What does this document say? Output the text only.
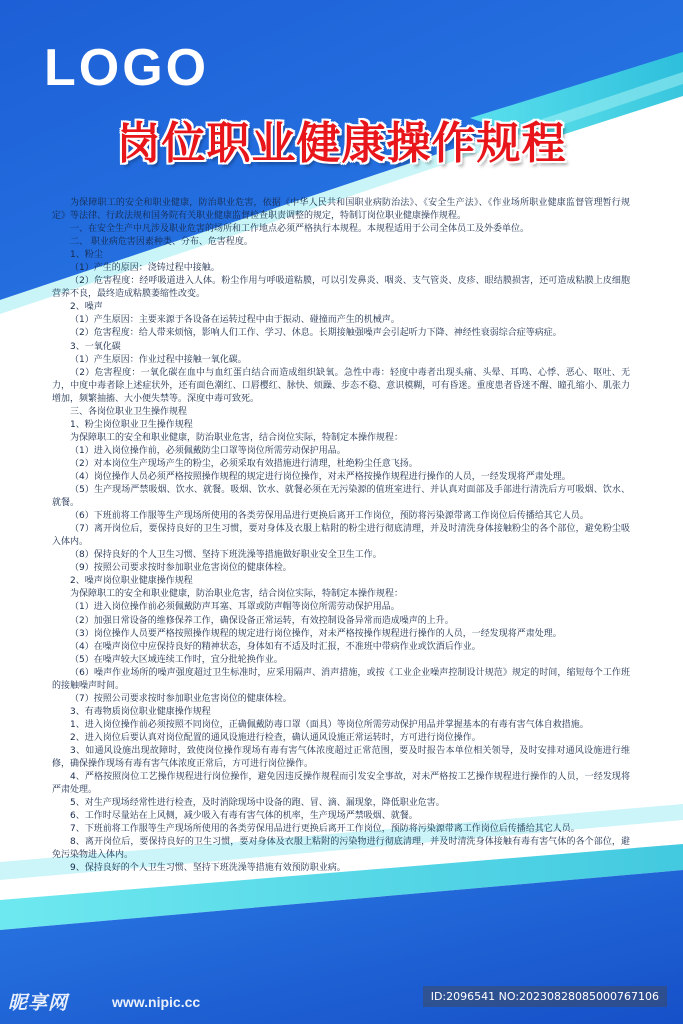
LOGO
岗位职业健康操作规程

为保障职工的安全和职业健康，防治职业危害，依据《中华人民共和国职业病防治法》、《安全生产法》、《作业场所职业健康监督管理暂行规定》等法律、行政法规和国务院有关职业健康监督检查职责调整的规定，特制订岗位职业健康操作规程。

一、在安全生产中凡涉及职业危害的场所和工作地点必须严格执行本规程。本规程适用于公司全体员工及外委单位。

二、 职业病危害因素种类、分布、危害程度。

1、粉尘

（1）产生的原因：浇铸过程中接触。

（2）危害程度：经呼吸道进入人体。粉尘作用与呼吸道粘膜，可以引发鼻炎、咽炎、支气管炎、皮疹、眼结膜损害，还可造成粘膜上皮细胞营养不良，最终造成粘膜萎缩性改变。

2、噪声

（1）产生原因：主要来源于各设备在运转过程中由于振动、碰撞而产生的机械声。

（2）危害程度：给人带来烦恼，影响人们工作、学习、休息。长期接触强噪声会引起听力下降、神经性衰弱综合症等病症。

3、一氧化碳

（1）产生原因：作业过程中接触一氧化碳。

（2）危害程度：一氧化碳在血中与血红蛋白结合而造成组织缺氧。急性中毒：轻度中毒者出现头痛、头晕、耳鸣、心悸、恶心、呕吐、无力，中度中毒者除上述症状外，还有面色潮红、口唇樱红、脉快、烦躁、步态不稳、意识模糊，可有昏迷。重度患者昏迷不醒、瞳孔缩小、肌张力增加，频繁抽搐、大小便失禁等。深度中毒可致死。

三、各岗位职业卫生操作规程

1、粉尘岗位职业卫生操作规程

为保障职工的安全和职业健康，防治职业危害，结合岗位实际，特制定本操作规程：

（1）进入岗位操作前，必须佩戴防尘口罩等岗位所需劳动保护用品。

（2）对本岗位生产现场产生的粉尘，必须采取有效措施进行清理，杜绝粉尘任意飞扬。

（4）岗位操作人员必须严格按照操作规程的规定进行岗位操作，对未严格按操作规程进行操作的人员，一经发现将严肃处理。

（5）生产现场严禁吸烟、饮水、就餐。吸烟、饮水、就餐必须在无污染源的值班室进行、并认真对面部及手部进行清洗后方可吸烟、饮水、就餐。

（6）下班前将工作服等生产现场所使用的各类劳保用品进行更换后离开工作岗位，预防将污染源带离工作岗位后传播给其它人员。

（7）离开岗位后，要保持良好的卫生习惯，要对身体及衣服上粘附的粉尘进行彻底清理，并及时清洗身体接触粉尘的各个部位，避免粉尘吸入体内。

（8）保持良好的个人卫生习惯、坚持下班洗澡等措施做好职业安全卫生工作。

（9）按照公司要求按时参加职业危害岗位的健康体检。

2、噪声岗位职业健康操作规程

为保障职工的安全和职业健康，防治职业危害，结合岗位实际，特制定本操作规程：

（1）进入岗位操作前必须佩戴防声耳塞、耳罩或防声帽等岗位所需劳动保护用品。

（2）加强日常设备的维修保养工作，确保设备正常运转，有效控制设备异常而造成噪声的上升。

（3）岗位操作人员要严格按照操作规程的规定进行岗位操作，对未严格按操作规程进行操作的人员，一经发现将严肃处理。

（4）在噪声岗位中应保持良好的精神状态，身体如有不适及时汇报，不准班中带病作业或饮酒后作业。

（5）在噪声较大区域连续工作时，宜分批轮换作业。

（6）噪声作业场所的噪声强度超过卫生标准时，应采用隔声、消声措施，或按《工业企业噪声控制设计规范》规定的时间，缩短每个工作班的接触噪声时间。

（7）按照公司要求按时参加职业危害岗位的健康体检。

3、有毒物质岗位职业健康操作规程

1、进入岗位操作前必须按照不同岗位，正确佩戴防毒口罩（面具）等岗位所需劳动保护用品并掌握基本的有毒有害气体自救措施。

2、进入岗位后要认真对岗位配置的通风设施进行检查，确认通风设施正常运转时，方可进行岗位操作。

3、如通风设施出现故障时，致使岗位操作现场有毒有害气体浓度超过正常范围，要及时报告本单位相关领导，及时安排对通风设施进行维修，确保操作现场有毒有害气体浓度正常后，方可进行岗位操作。

4、严格按照岗位工艺操作规程进行岗位操作，避免因违反操作规程而引发安全事故，对未严格按工艺操作规程进行操作的人员，一经发现将严肃处理。

5、对生产现场经常性进行检查，及时消除现场中设备的跑、冒、滴、漏现象，降低职业危害。

6、工作时尽量站在上风侧，减少吸入有毒有害气体的机率，生产现场严禁吸烟、就餐。

7、下班前将工作服等生产现场所使用的各类劳保用品进行更换后离开工作岗位，预防将污染源带离工作岗位后传播给其它人员。

8、离开岗位后，要保持良好的卫生习惯，要对身体及衣服上粘附的污染物进行彻底清理，并及时清洗身体接触有毒有害气体的各个部位，避免污染物进入体内。

9、保持良好的个人卫生习惯、坚持下班洗澡等措施有效预防职业病。

昵享网	www.nipic.cc	ID:2096541 NO:20230828085000767106
